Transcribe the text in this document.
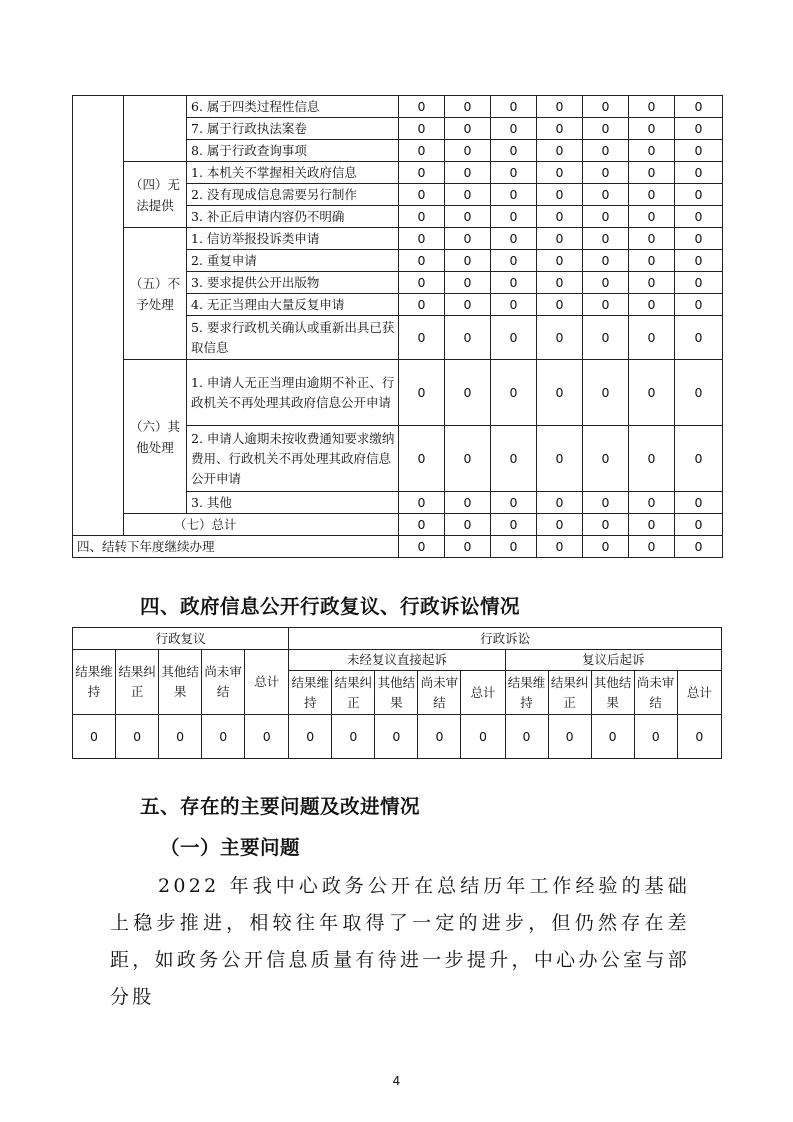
		6. 属于四类过程性信息	0	0	0	0	0	0	0
		7. 属于行政执法案卷	0	0	0	0	0	0	0
		8. 属于行政查询事项	0	0	0	0	0	0	0
	（四）无法提供	1. 本机关不掌握相关政府信息	0	0	0	0	0	0	0
		2. 没有现成信息需要另行制作	0	0	0	0	0	0	0
		3. 补正后申请内容仍不明确	0	0	0	0	0	0	0
	（五）不予处理	1. 信访举报投诉类申请	0	0	0	0	0	0	0
		2. 重复申请	0	0	0	0	0	0	0
		3. 要求提供公开出版物	0	0	0	0	0	0	0
		4. 无正当理由大量反复申请	0	0	0	0	0	0	0
		5. 要求行政机关确认或重新出具已获取信息	0	0	0	0	0	0	0
	（六）其他处理	1. 申请人无正当理由逾期不补正、行政机关不再处理其政府信息公开申请	0	0	0	0	0	0	0
		2. 申请人逾期未按收费通知要求缴纳费用、行政机关不再处理其政府信息公开申请	0	0	0	0	0	0	0
		3. 其他	0	0	0	0	0	0	0
	（七）总计		0	0	0	0	0	0	0
四、结转下年度继续办理			0	0	0	0	0	0	0
四、政府信息公开行政复议、行政诉讼情况
行政复议					行政诉讼									
结果维持	结果纠正	其他结果	尚未审结	总计	未经复议直接起诉					复议后起诉				
					结果维持	结果纠正	其他结果	尚未审结	总计	结果维持	结果纠正	其他结果	尚未审结	总计
0	0	0	0	0	0	0	0	0	0	0	0	0	0	0
五、存在的主要问题及改进情况
（一）主要问题

2022 年我中心政务公开在总结历年工作经验的基础上稳步推进，相较往年取得了一定的进步，但仍然存在差距，如政务公开信息质量有待进一步提升，中心办公室与部分股

4
